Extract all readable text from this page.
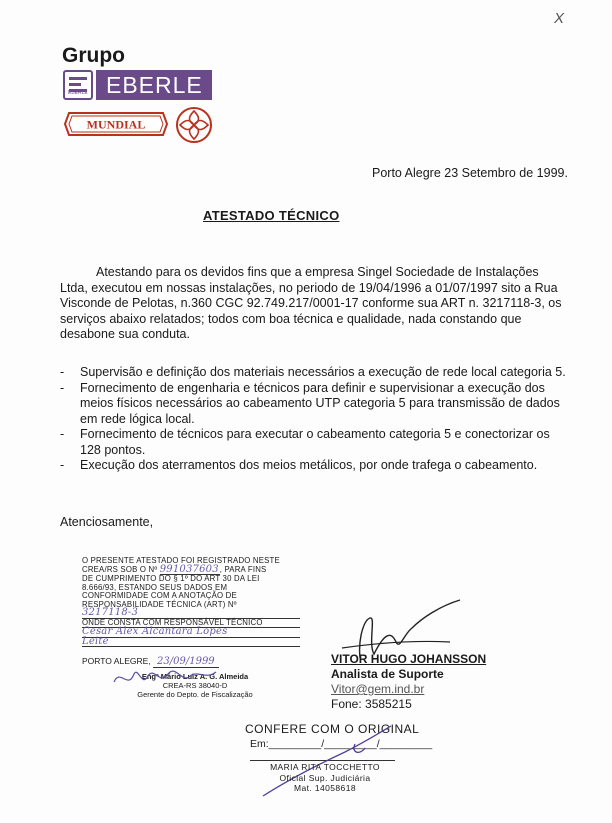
X
Grupo
EBERLE EBERLE
MUNDIAL
Porto Alegre 23 Setembro de 1999.
ATESTADO TÉCNICO
Atestando para os devidos fins que a empresa Singel Sociedade de Instalações Ltda, executou em nossas instalações, no periodo de 19/04/1996 a 01/07/1997 sito a Rua Visconde de Pelotas, n.360 CGC 92.749.217/0001-17 conforme sua ART n. 3217118-3, os serviços abaixo relatados; todos com boa técnica e qualidade, nada constando que desabone sua conduta.
- Supervisão e definição dos materiais necessários a execução de rede local categoria 5.
- Fornecimento de engenharia e técnicos para definir e supervisionar a execução dos meios físicos necessários ao cabeamento UTP categoria 5 para transmissão de dados em rede lógica local.
- Fornecimento de técnicos para executar o cabeamento categoria 5 e conectorizar os 128 pontos.
- Execução dos aterramentos dos meios metálicos, por onde trafega o cabeamento.
Atenciosamente,
O PRESENTE ATESTADO FOI REGISTRADO NESTE
CREA/RS SOB O Nº 991037603, PARA FINS
DE CUMPRIMENTO DO § 1º DO ART 30 DA LEI
8.666/93, ESTANDO SEUS DADOS EM
CONFORMIDADE COM A ANOTAÇÃO DE
RESPONSABILIDADE TÉCNICA (ART) Nº
3217118-3
ONDE CONSTA COM RESPONSÁVEL TÉCNICO
Cesar Alex Alcantara Lopes
Leite
PORTO ALEGRE, 23/09/1999
Engº Mário Luiz A. G. Almeida
CREA-RS 38040-D
Gerente do Depto. de Fiscalização
VITOR HUGO JOHANSSON
Analista de Suporte
Vitor@gem.ind.br
Fone: 3585215
CONFERE COM O ORIGINAL
Em:_________/_________/_________
MARIA RITA TOCCHETTO
Oficial Sup. Judiciária
Mat. 14058618
